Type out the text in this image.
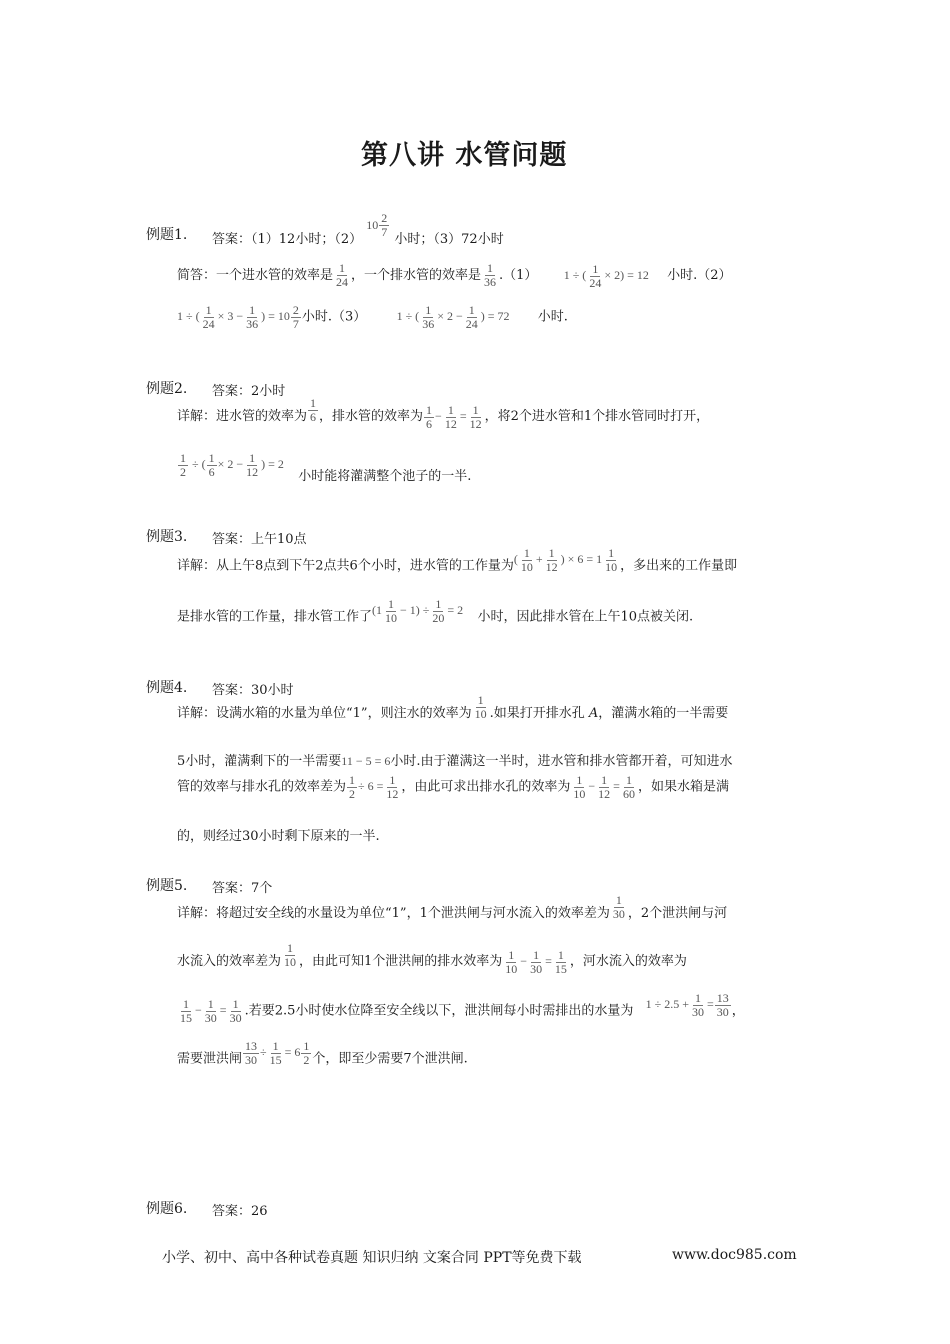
第八讲 水管问题
例题1. 答案：（1）12小时；（2）
$10 \frac{2}{7}$
小时；（3）72小时
简答：一个进水管的效率是 $\frac{1}{24}$ ，一个排水管的效率是 $\frac{1}{36} .(1) 1$ ÷ ( $\frac{1}{24} \times 2) = 12$ 小时.（2）
1 ÷ ( $\frac{1}{24} \times 3 - \frac{1}{36}$ ) = $10 \frac{2}{7}$ 小时.（3）	1 ÷ ( $\frac{1}{36} \times 2 - \frac{1}{24}$ ) = 72 小时.
例题2. 答案：2小时
详解：进水管的效率为 $\frac{1}{6}$ ，排水管的效率为 $\frac{1}{6} - \frac{1}{12} = \frac{1}{12}$ ，将2个进水管和1个排水管同时打开，
$\frac{1}{2}$ ÷ ( $\frac{1}{6} \times 2 - \frac{1}{12}$ ) = 2  小时能将灌满整个池子的一半.
例题3. 答案：上午10点
详解：从上午8点到下午2点共6个小时，进水管的工作量为( $\frac{1}{10} + \frac{1}{12}$ ) × $6 = 1 \frac{1}{10}$ ，多出来的工作量即
是排水管的工作量，排水管工作了$(1 \frac{1}{10} - 1) \div \frac{1}{20} = 2$ 小时，因此排水管在上午10点被关闭.
例题4. 答案：30小时
详解：设满水箱的水量为单位“1”，则注水的效率为 $\frac{1}{10}$ .如果打开排水孔 A，灌满水箱的一半需要
5小时，灌满剩下的一半需要11 − 5 = 6小时.由于灌满这一半时，进水管和排水管都开着，可知进水
管的效率与排水孔的效率差为 $\frac{1}{2} \div 6 = \frac{1}{12}$ ，由此可求出排水孔的效率为 $\frac{1}{10} - \frac{1}{12} = \frac{1}{60}$ ，如果水箱是满
的，则经过30小时剩下原来的一半.
例题5. 答案：7个
详解：将超过安全线的水量设为单位“1”，1个泄洪闸与河水流入的效率差为 $\frac{1}{30}$ ，2个泄洪闸与河
水流入的效率差为 $\frac{1}{10}$ ，由此可知1个泄洪闸的排水效率为 $\frac{1}{10} - \frac{1}{30} = \frac{1}{15}$ ，河水流入的效率为
$\frac{1}{15} - \frac{1}{30} = \frac{1}{30}$ .若要2.5小时使水位降至安全线以下，泄洪闸每小时需排出的水量为 $1 \div 2.5 + \frac{1}{30} = \frac{13}{30}$ ，
需要泄洪闸 $\frac{13}{30} \div \frac{1}{15} = 6 \frac{1}{2}$ 个，即至少需要7个泄洪闸.
例题6. 答案：26
小学、初中、高中各种试卷真题 知识归纳 文案合同 PPT等免费下载	www.doc985.com
